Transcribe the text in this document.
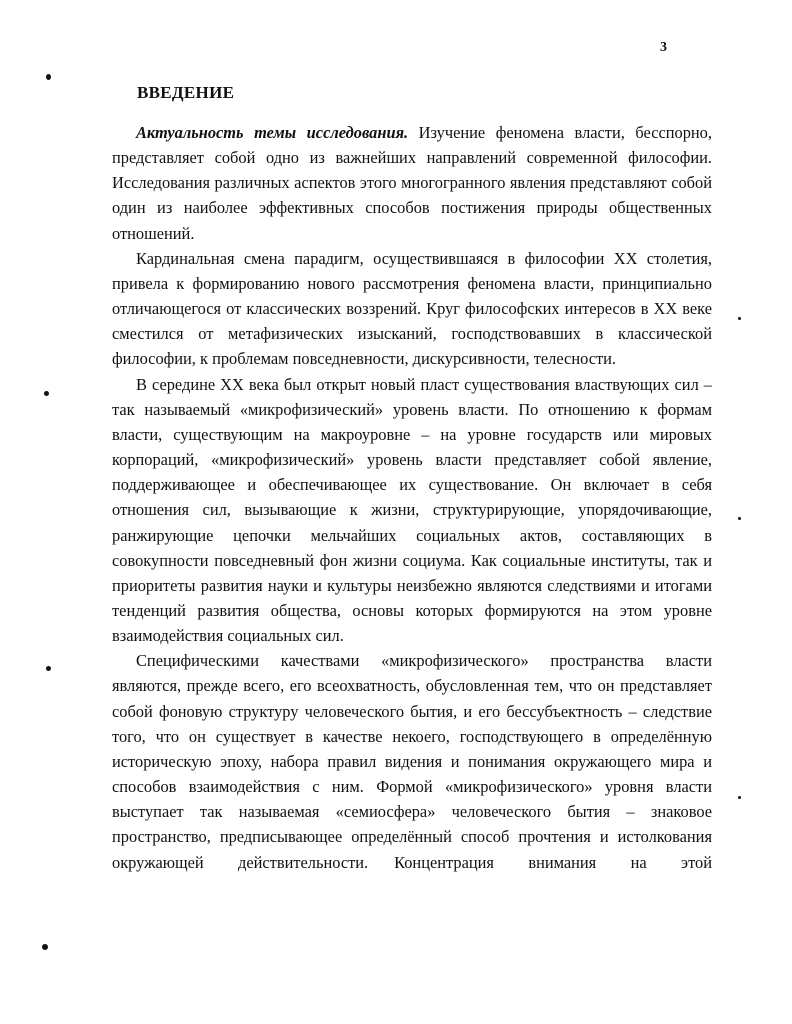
3
ВВЕДЕНИЕ

Актуальность темы исследования. Изучение феномена власти, бесспорно, представляет собой одно из важнейших направлений современной философии. Исследования различных аспектов этого многогранного явления представляют собой один из наиболее эффективных способов постижения природы общественных отношений.

Кардинальная смена парадигм, осуществившаяся в философии XX столетия, привела к формированию нового рассмотрения феномена власти, принципиально отличающегося от классических воззрений. Круг философских интересов в XX веке сместился от метафизических изысканий, господствовавших в классической философии, к проблемам повседневности, дискурсивности, телесности.

В середине XX века был открыт новый пласт существования властвующих сил – так называемый «микрофизический» уровень власти. По отношению к формам власти, существующим на макроуровне – на уровне государств или мировых корпораций, «микрофизический» уровень власти представляет собой явление, поддерживающее и обеспечивающее их существование. Он включает в себя отношения сил, вызывающие к жизни, структурирующие, упорядочивающие, ранжирующие цепочки мельчайших социальных актов, составляющих в совокупности повседневный фон жизни социума. Как социальные институты, так и приоритеты развития науки и культуры неизбежно являются следствиями и итогами тенденций развития общества, основы которых формируются на этом уровне взаимодействия социальных сил.

Специфическими качествами «микрофизического» пространства власти являются, прежде всего, его всеохватность, обусловленная тем, что он представляет собой фоновую структуру человеческого бытия, и его бессубъектность – следствие того, что он существует в качестве некоего, господствующего в определённую историческую эпоху, набора правил видения и понимания окружающего мира и способов взаимодействия с ним. Формой «микрофизического» уровня власти выступает так называемая «семиосфера» человеческого бытия – знаковое пространство, предписывающее определённый способ прочтения и истолкования окружающей действительности. Концентрация внимания на этой
